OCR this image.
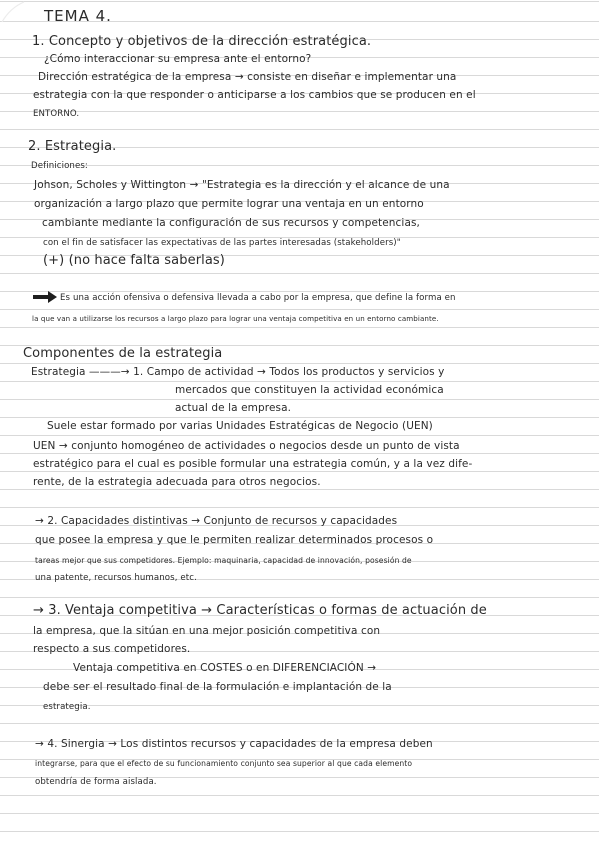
TEMA 4.
1. Concepto y objetivos de la dirección estratégica.
¿Cómo interaccionar su empresa ante el entorno?
Dirección estratégica de la empresa → consiste en diseñar e implementar una
estrategia con la que responder o anticiparse a los cambios que se producen en el
ENTORNO.
2. Estrategia.
Definiciones:
Johson, Scholes y Wittington → "Estrategia es la dirección y el alcance de una
organización a largo plazo que permite lograr una ventaja en un entorno
cambiante mediante la configuración de sus recursos y competencias,
con el fin de satisfacer las expectativas de las partes interesadas (stakeholders)"
(+) (no hace falta saberlas)
Es una acción ofensiva o defensiva llevada a cabo por la empresa, que define la forma en
la que van a utilizarse los recursos a largo plazo para lograr una ventaja competitiva en un entorno cambiante.
Componentes de la estrategia
Estrategia ———→ 1. Campo de actividad → Todos los productos y servicios y
mercados que constituyen la actividad económica
actual de la empresa.
Suele estar formado por varias Unidades Estratégicas de Negocio (UEN)
UEN → conjunto homogéneo de actividades o negocios desde un punto de vista
estratégico para el cual es posible formular una estrategia común, y a la vez dife-
rente, de la estrategia adecuada para otros negocios.
→ 2. Capacidades distintivas → Conjunto de recursos y capacidades
que posee la empresa y que le permiten realizar determinados procesos o
tareas mejor que sus competidores. Ejemplo: maquinaria, capacidad de innovación, posesión de
una patente, recursos humanos, etc.
→ 3. Ventaja competitiva → Características o formas de actuación de
la empresa, que la sitúan en una mejor posición competitiva con
respecto a sus competidores.
Ventaja competitiva en COSTES o en DIFERENCIACIÓN →
debe ser el resultado final de la formulación e implantación de la
estrategia.
→ 4. Sinergia → Los distintos recursos y capacidades de la empresa deben
integrarse, para que el efecto de su funcionamiento conjunto sea superior al que cada elemento
obtendría de forma aislada.
